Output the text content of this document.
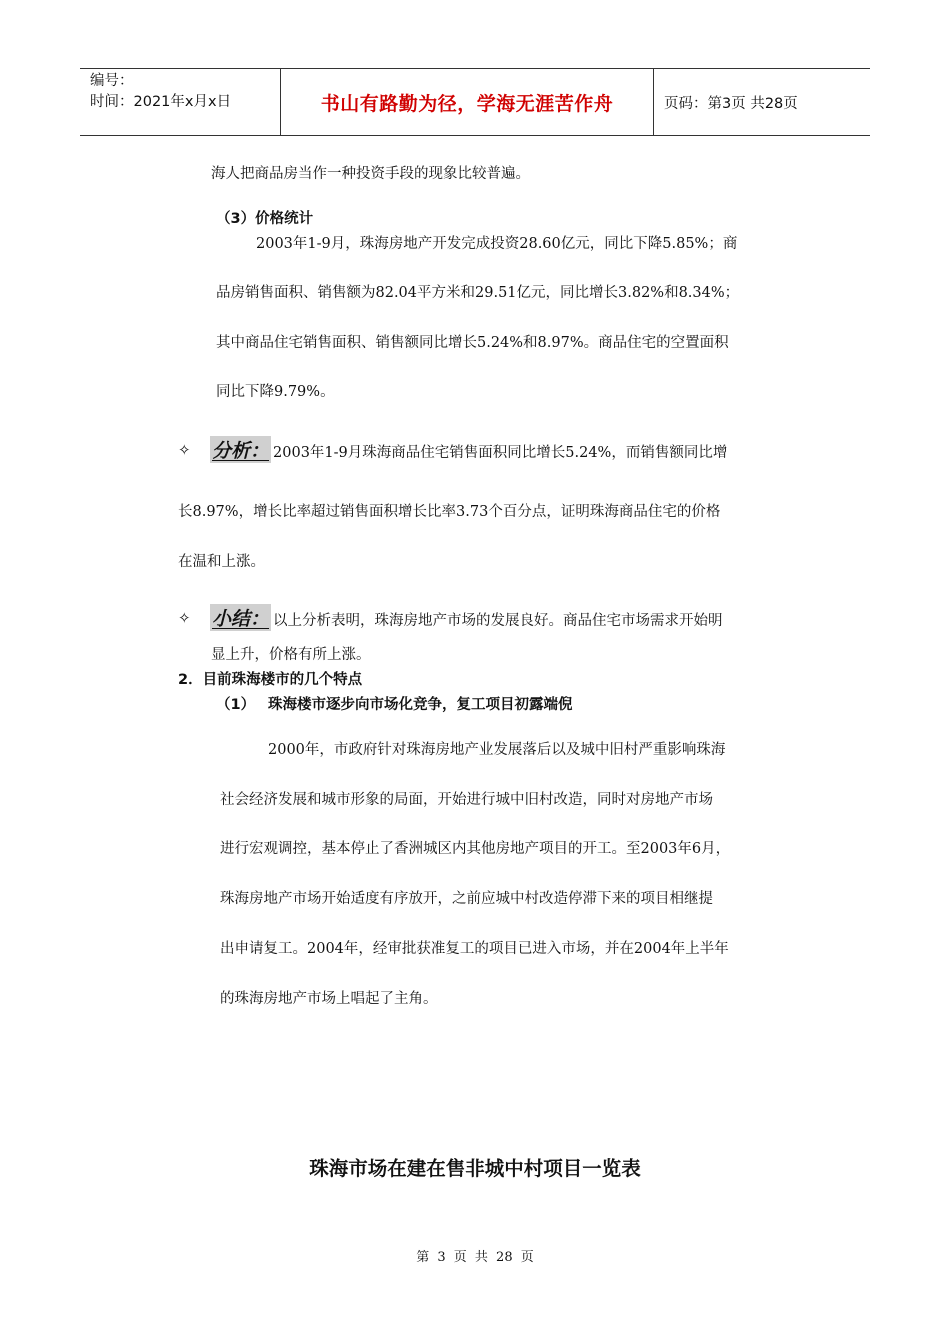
编号：
时间：2021年x月x日	书山有路勤为径，学海无涯苦作舟	页码：第3页 共28页
海人把商品房当作一种投资手段的现象比较普遍。
（3）价格统计
2003年1-9月，珠海房地产开发完成投资28.60亿元，同比下降5.85%；商
品房销售面积、销售额为82.04平方米和29.51亿元，同比增长3.82%和8.34%；
其中商品住宅销售面积、销售额同比增长5.24%和8.97%。商品住宅的空置面积
同比下降9.79%。
✧ 分析： 2003年1-9月珠海商品住宅销售面积同比增长5.24%，而销售额同比增
长8.97%，增长比率超过销售面积增长比率3.73个百分点，证明珠海商品住宅的价格
在温和上涨。
✧ 小结： 以上分析表明，珠海房地产市场的发展良好。商品住宅市场需求开始明
显上升，价格有所上涨。
2．目前珠海楼市的几个特点
（1） 珠海楼市逐步向市场化竞争，复工项目初露端倪
2000年，市政府针对珠海房地产业发展落后以及城中旧村严重影响珠海
社会经济发展和城市形象的局面，开始进行城中旧村改造，同时对房地产市场
进行宏观调控，基本停止了香洲城区内其他房地产项目的开工。至2003年6月，
珠海房地产市场开始适度有序放开，之前应城中村改造停滞下来的项目相继提
出申请复工。2004年，经审批获准复工的项目已进入市场，并在2004年上半年
的珠海房地产市场上唱起了主角。
珠海市场在建在售非城中村项目一览表
第 3 页 共 28 页
